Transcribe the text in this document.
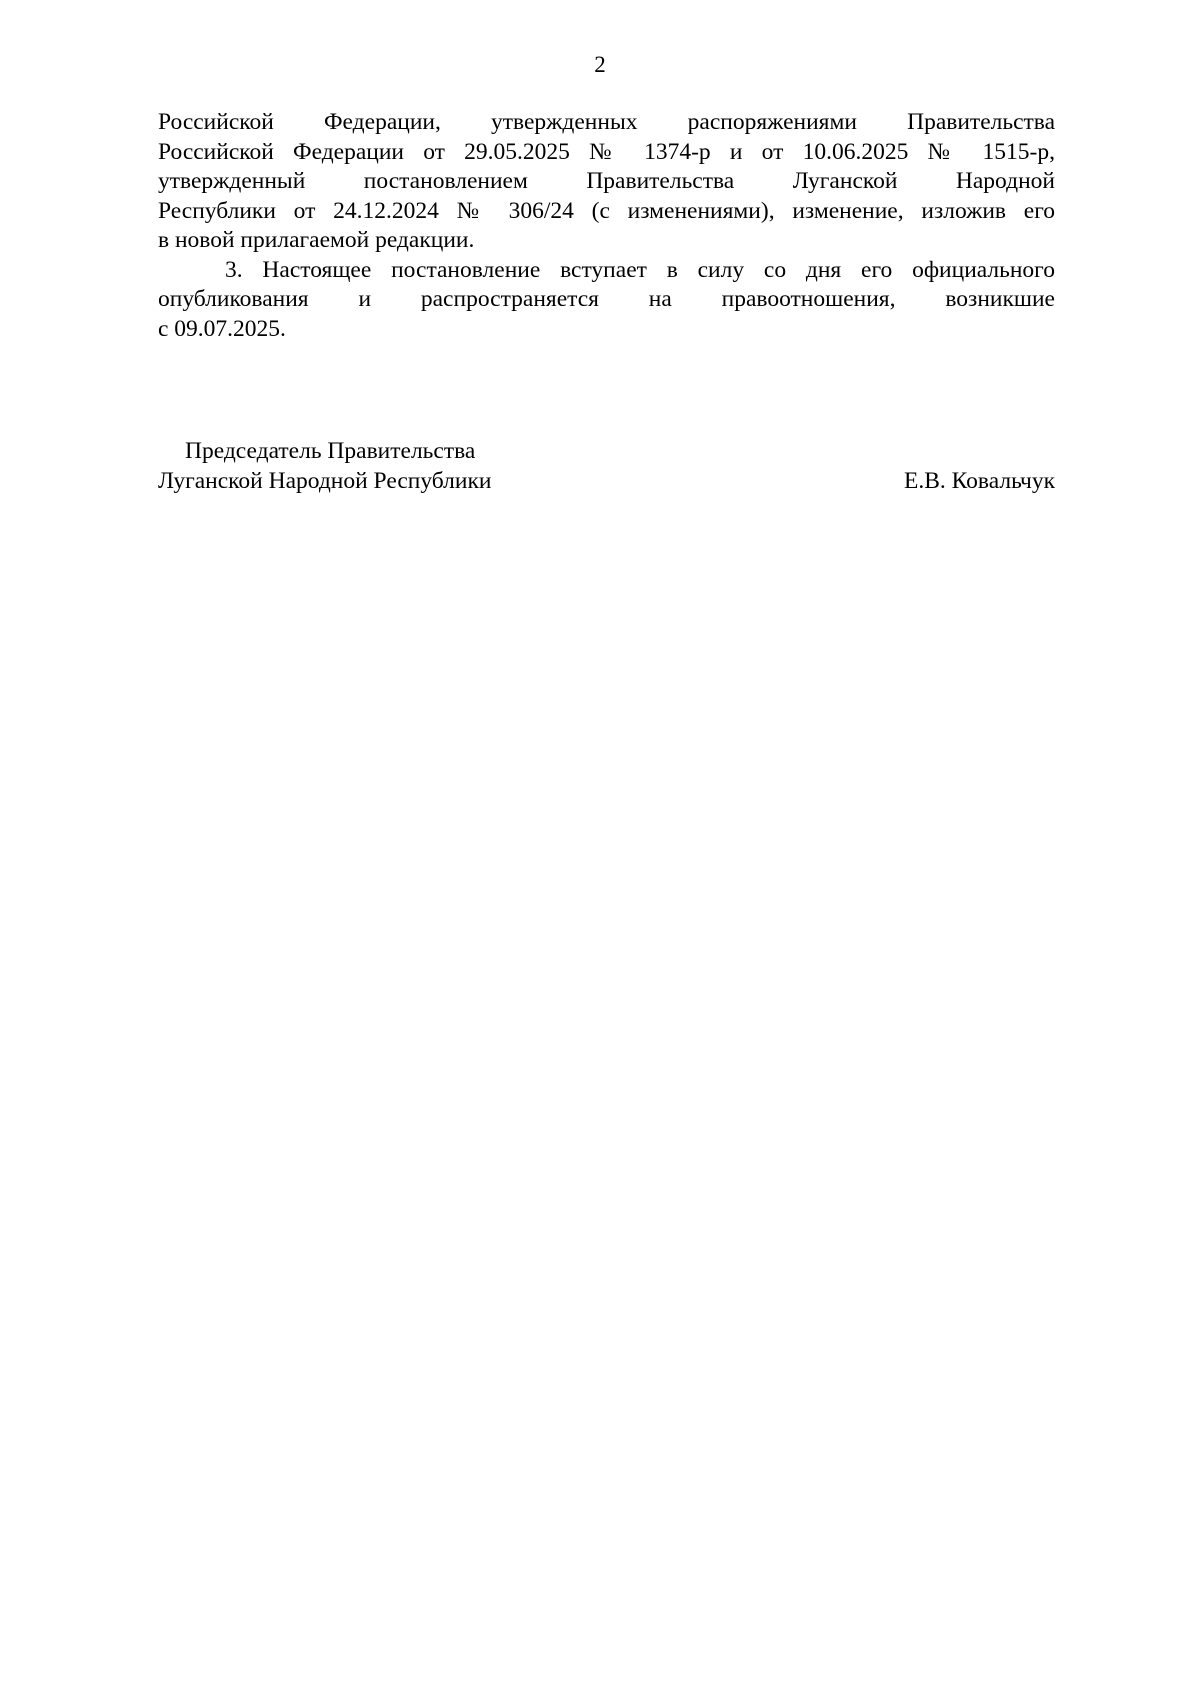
2
Российской Федерации, утвержденных распоряжениями Правительства
Российской Федерации от 29.05.2025 № 1374-р и от 10.06.2025 № 1515-р,
утвержденный постановлением Правительства Луганской Народной
Республики от 24.12.2024 № 306/24 (с изменениями), изменение, изложив его
в новой прилагаемой редакции.
3. Настоящее постановление вступает в силу со дня его официального
опубликования и распространяется на правоотношения, возникшие
с 09.07.2025.
Председатель Правительства
Луганской Народной Республики	Е.В. Ковальчук
